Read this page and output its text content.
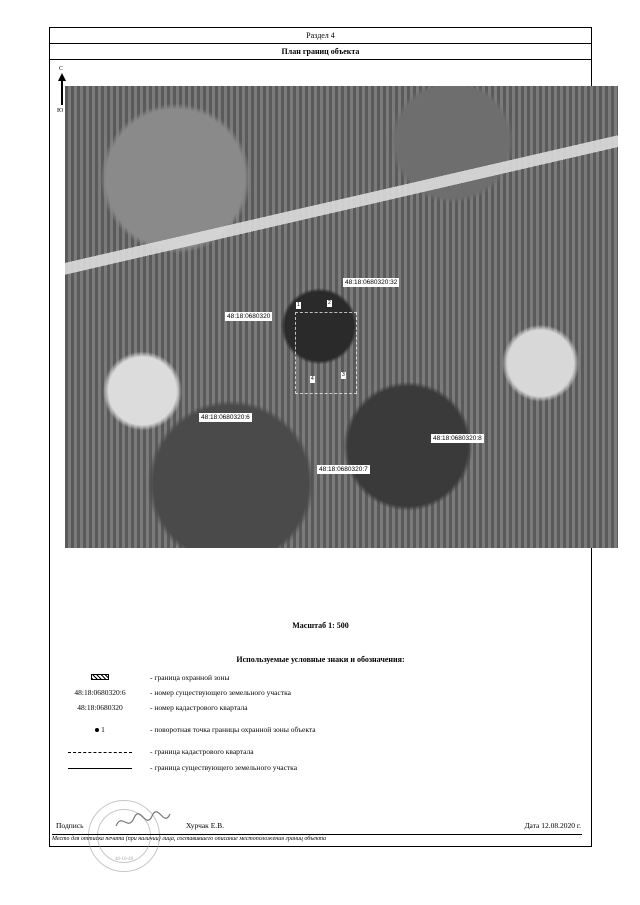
Раздел 4
План границ объекта
С
Ю
48:18:0680320:32
48:18:0680320
48:18:0680320:6
48:18:0680320:8
48:18:0680320:7
1	2
3
4
Масштаб 1: 500
Используемые условные знаки и обозначения:
- граница охранной зоны
48:18:0680320:6	- номер существующего земельного участка
48:18:0680320	- номер кадастрового квартала
1	- поворотная точка границы охранной зоны объекта
- граница кадастрового квартала
- граница существующего земельного участка
48-10-48
Подпись	Хурчак Е.В.	Дата 12.08.2020 г.
Место для оттиска печати (при наличии) лица, составившего описание местоположения границ объекта
